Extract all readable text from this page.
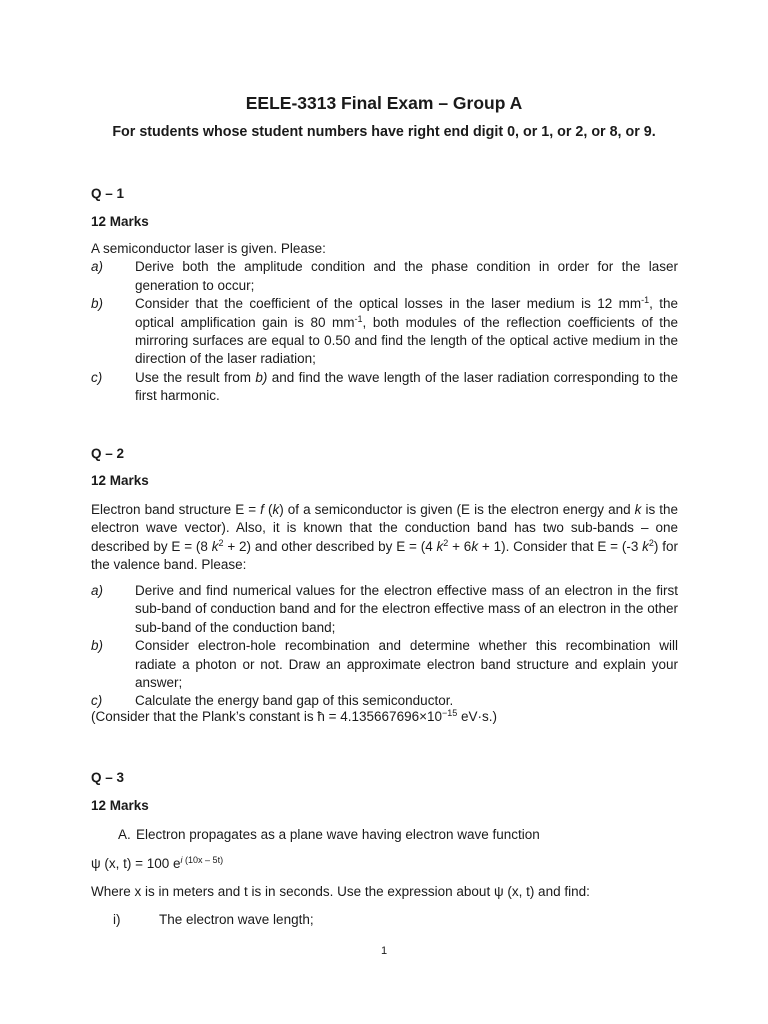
EELE-3313 Final Exam – Group A
For students whose student numbers have right end digit 0, or 1, or 2, or 8, or 9.
Q – 1
12 Marks
A semiconductor laser is given. Please:
a) Derive both the amplitude condition and the phase condition in order for the laser generation to occur;
b) Consider that the coefficient of the optical losses in the laser medium is 12 $mm^{-1}$, the optical amplification gain is 80 $mm^{-1}$, both modules of the reflection coefficients of the mirroring surfaces are equal to 0.50 and find the length of the optical active medium in the direction of the laser radiation;
c) Use the result from b) and find the wave length of the laser radiation corresponding to the first harmonic.
Q – 2
12 Marks
Electron band structure E = f (k) of a semiconductor is given (E is the electron energy and k is the electron wave vector). Also, it is known that the conduction band has two sub-bands – one described by E = (8 $k^2 + 2$) and other described by E = (4 $k^2 + 6k + 1$). Consider that E = (-3 $k^2$) for the valence band. Please:
a) Derive and find numerical values for the electron effective mass of an electron in the first sub-band of conduction band and for the electron effective mass of an electron in the other sub-band of the conduction band;
b) Consider electron-hole recombination and determine whether this recombination will radiate a photon or not. Draw an approximate electron band structure and explain your answer;
c) Calculate the energy band gap of this semiconductor.
(Consider that the Plank’s constant is ħ = $4.135667696\times 10^{-15}$ eV·s.)
Q – 3
12 Marks
A. Electron propagates as a plane wave having electron wave function
ψ (x, t) = 100 $e^i$ $^{(10x - 5t)}$
Where x is in meters and t is in seconds. Use the expression about ψ (x, t) and find:
i)	The electron wave length;
1
